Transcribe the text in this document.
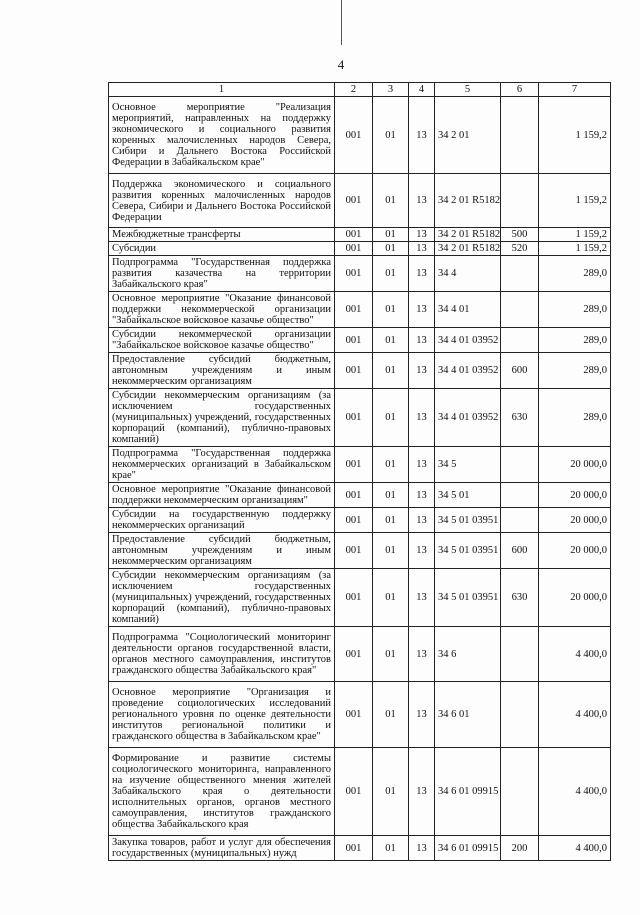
4
1	2	3	4	5	6	7
Основное мероприятие "Реализация мероприятий, направленных на поддержку экономического и социального развития коренных малочисленных народов Севера, Сибири и Дальнего Востока Российской Федерации в Забайкальском крае"	001	01	13	34 2 01		1 159,2
Поддержка экономического и социального развития коренных малочисленных народов Севера, Сибири и Дальнего Востока Российской Федерации	001	01	13	34 2 01 R5182		1 159,2
Межбюджетные трансферты	001	01	13	34 2 01 R5182	500	1 159,2
Субсидии	001	01	13	34 2 01 R5182	520	1 159,2
Подпрограмма "Государственная поддержка развития казачества на территории Забайкальского края"	001	01	13	34 4		289,0
Основное мероприятие "Оказание финансовой поддержки некоммерческой организации "Забайкальское войсковое казачье общество"	001	01	13	34 4 01		289,0
Субсидии некоммерческой организации "Забайкальское войсковое казачье общество"	001	01	13	34 4 01 03952		289,0
Предоставление субсидий бюджетным, автономным учреждениям и иным некоммерческим организациям	001	01	13	34 4 01 03952	600	289,0
Субсидии некоммерческим организациям (за исключением государственных (муниципальных) учреждений, государственных корпораций (компаний), публично-правовых компаний)	001	01	13	34 4 01 03952	630	289,0
Подпрограмма "Государственная поддержка некоммерческих организаций в Забайкальском крае"	001	01	13	34 5		20 000,0
Основное мероприятие "Оказание финансовой поддержки некоммерческим организациям"	001	01	13	34 5 01		20 000,0
Субсидии на государственную поддержку некоммерческих организаций	001	01	13	34 5 01 03951		20 000,0
Предоставление субсидий бюджетным, автономным учреждениям и иным некоммерческим организациям	001	01	13	34 5 01 03951	600	20 000,0
Субсидии некоммерческим организациям (за исключением государственных (муниципальных) учреждений, государственных корпораций (компаний), публично-правовых компаний)	001	01	13	34 5 01 03951	630	20 000,0
Подпрограмма "Социологический мониторинг деятельности органов государственной власти, органов местного самоуправления, институтов гражданского общества Забайкальского края"	001	01	13	34 6		4 400,0
Основное мероприятие "Организация и проведение социологических исследований регионального уровня по оценке деятельности институтов региональной политики и гражданского общества в Забайкальском крае"	001	01	13	34 6 01		4 400,0
Формирование и развитие системы социологического мониторинга, направленного на изучение общественного мнения жителей Забайкальского края о деятельности исполнительных органов, органов местного самоуправления, институтов гражданского общества Забайкальского края	001	01	13	34 6 01 09915		4 400,0
Закупка товаров, работ и услуг для обеспечения государственных (муниципальных) нужд	001	01	13	34 6 01 09915	200	4 400,0
